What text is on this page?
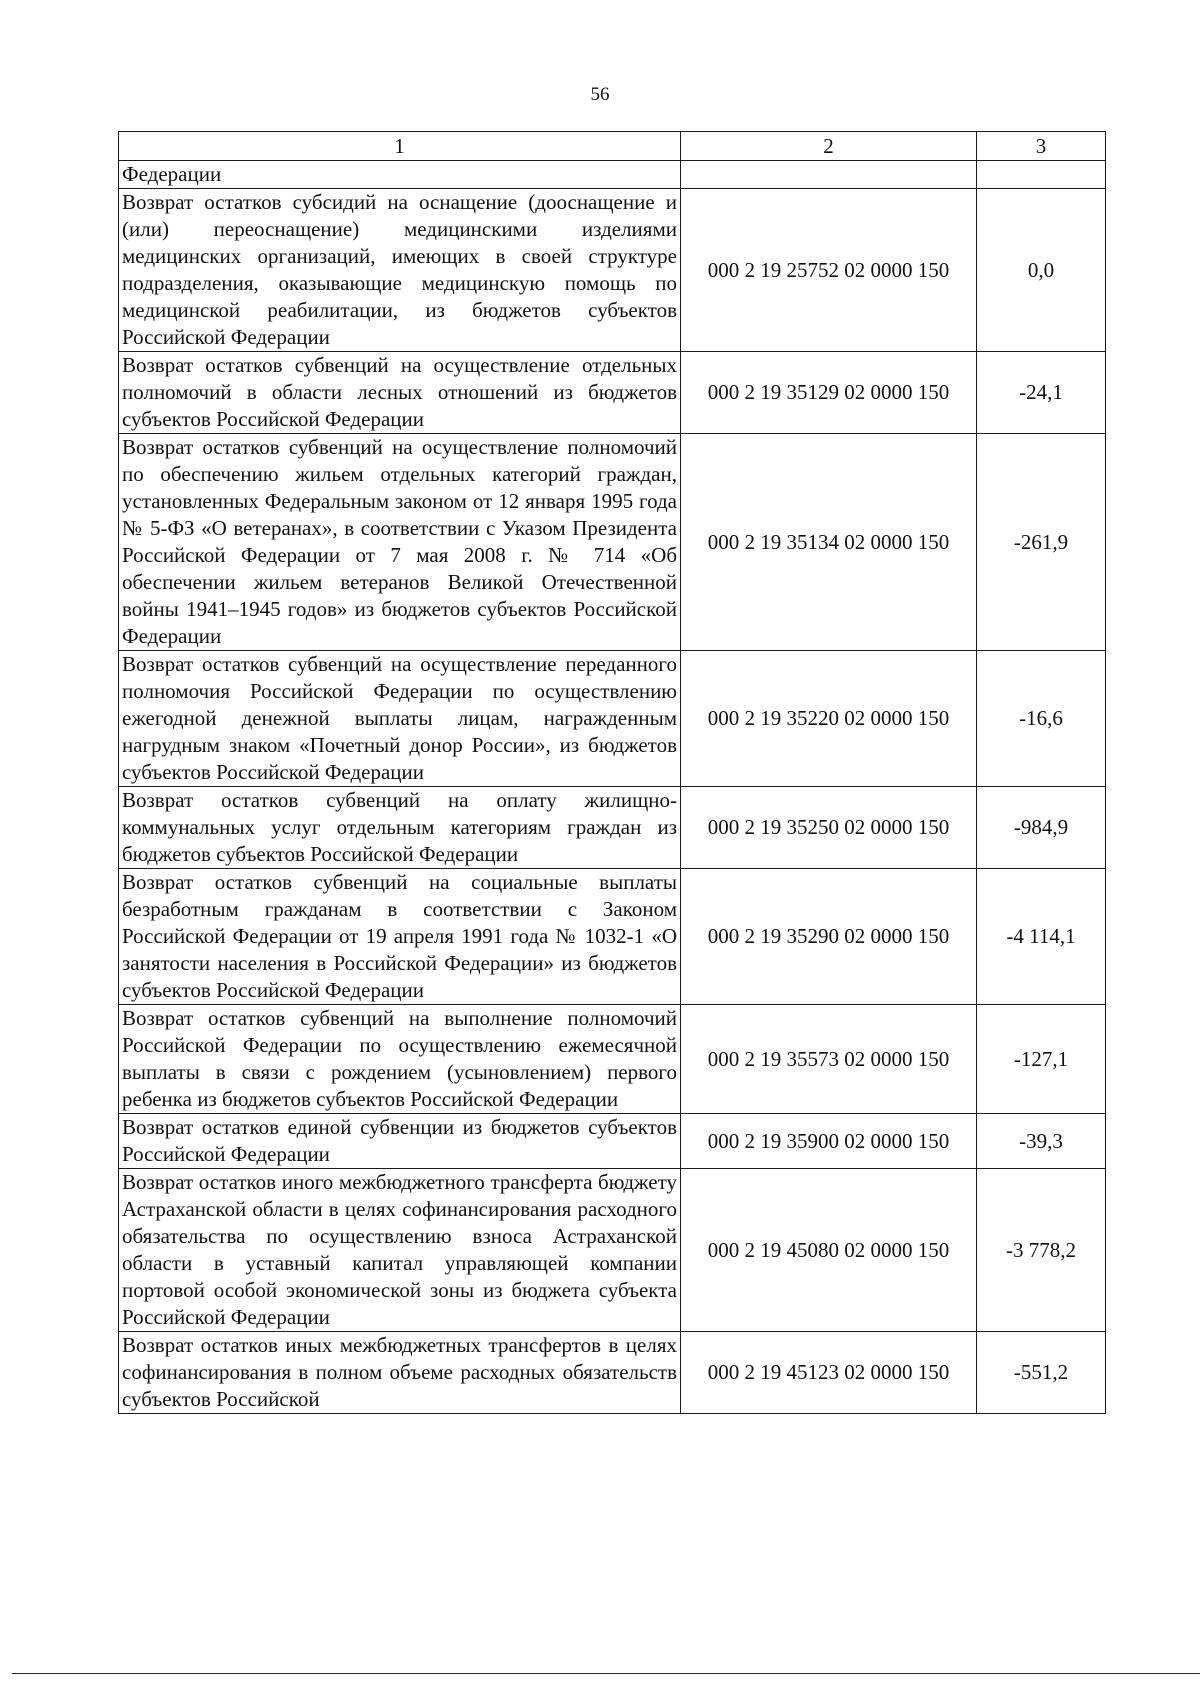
56
1	2	3
Федерации		
Возврат остатков субсидий на оснащение (дооснащение и (или) переоснащение) медицинскими изделиями медицинских организаций, имеющих в своей структуре подразделения, оказывающие медицинскую помощь по медицинской реабилитации, из бюджетов субъектов Российской Федерации	000 2 19 25752 02 0000 150	0,0
Возврат остатков субвенций на осуществление отдельных полномочий в области лесных отношений из бюджетов субъектов Российской Федерации	000 2 19 35129 02 0000 150	-24,1
Возврат остатков субвенций на осуществление полномочий по обеспечению жильем отдельных категорий граждан, установленных Федеральным законом от 12 января 1995 года № 5-ФЗ «О ветеранах», в соответствии с Указом Президента Российской Федерации от 7 мая 2008 г. № 714 «Об обеспечении жильем ветеранов Великой Отечественной войны 1941–1945 годов» из бюджетов субъектов Российской Федерации	000 2 19 35134 02 0000 150	-261,9
Возврат остатков субвенций на осуществление переданного полномочия Российской Федерации по осуществлению ежегодной денежной выплаты лицам, награжденным нагрудным знаком «Почетный донор России», из бюджетов субъектов Российской Федерации	000 2 19 35220 02 0000 150	-16,6
Возврат остатков субвенций на оплату жилищно-коммунальных услуг отдельным категориям граждан из бюджетов субъектов Российской Федерации	000 2 19 35250 02 0000 150	-984,9
Возврат остатков субвенций на социальные выплаты безработным гражданам в соответствии с Законом Российской Федерации от 19 апреля 1991 года № 1032-1 «О занятости населения в Российской Федерации» из бюджетов субъектов Российской Федерации	000 2 19 35290 02 0000 150	-4 114,1
Возврат остатков субвенций на выполнение полномочий Российской Федерации по осуществлению ежемесячной выплаты в связи с рождением (усыновлением) первого ребенка из бюджетов субъектов Российской Федерации	000 2 19 35573 02 0000 150	-127,1
Возврат остатков единой субвенции из бюджетов субъектов Российской Федерации	000 2 19 35900 02 0000 150	-39,3
Возврат остатков иного межбюджетного трансферта бюджету Астраханской области в целях софинансирования расходного обязательства по осуществлению взноса Астраханской области в уставный капитал управляющей компании портовой особой экономической зоны из бюджета субъекта Российской Федерации	000 2 19 45080 02 0000 150	-3 778,2
Возврат остатков иных межбюджетных трансфертов в целях софинансирования в полном объеме расходных обязательств субъектов Российской	000 2 19 45123 02 0000 150	-551,2
